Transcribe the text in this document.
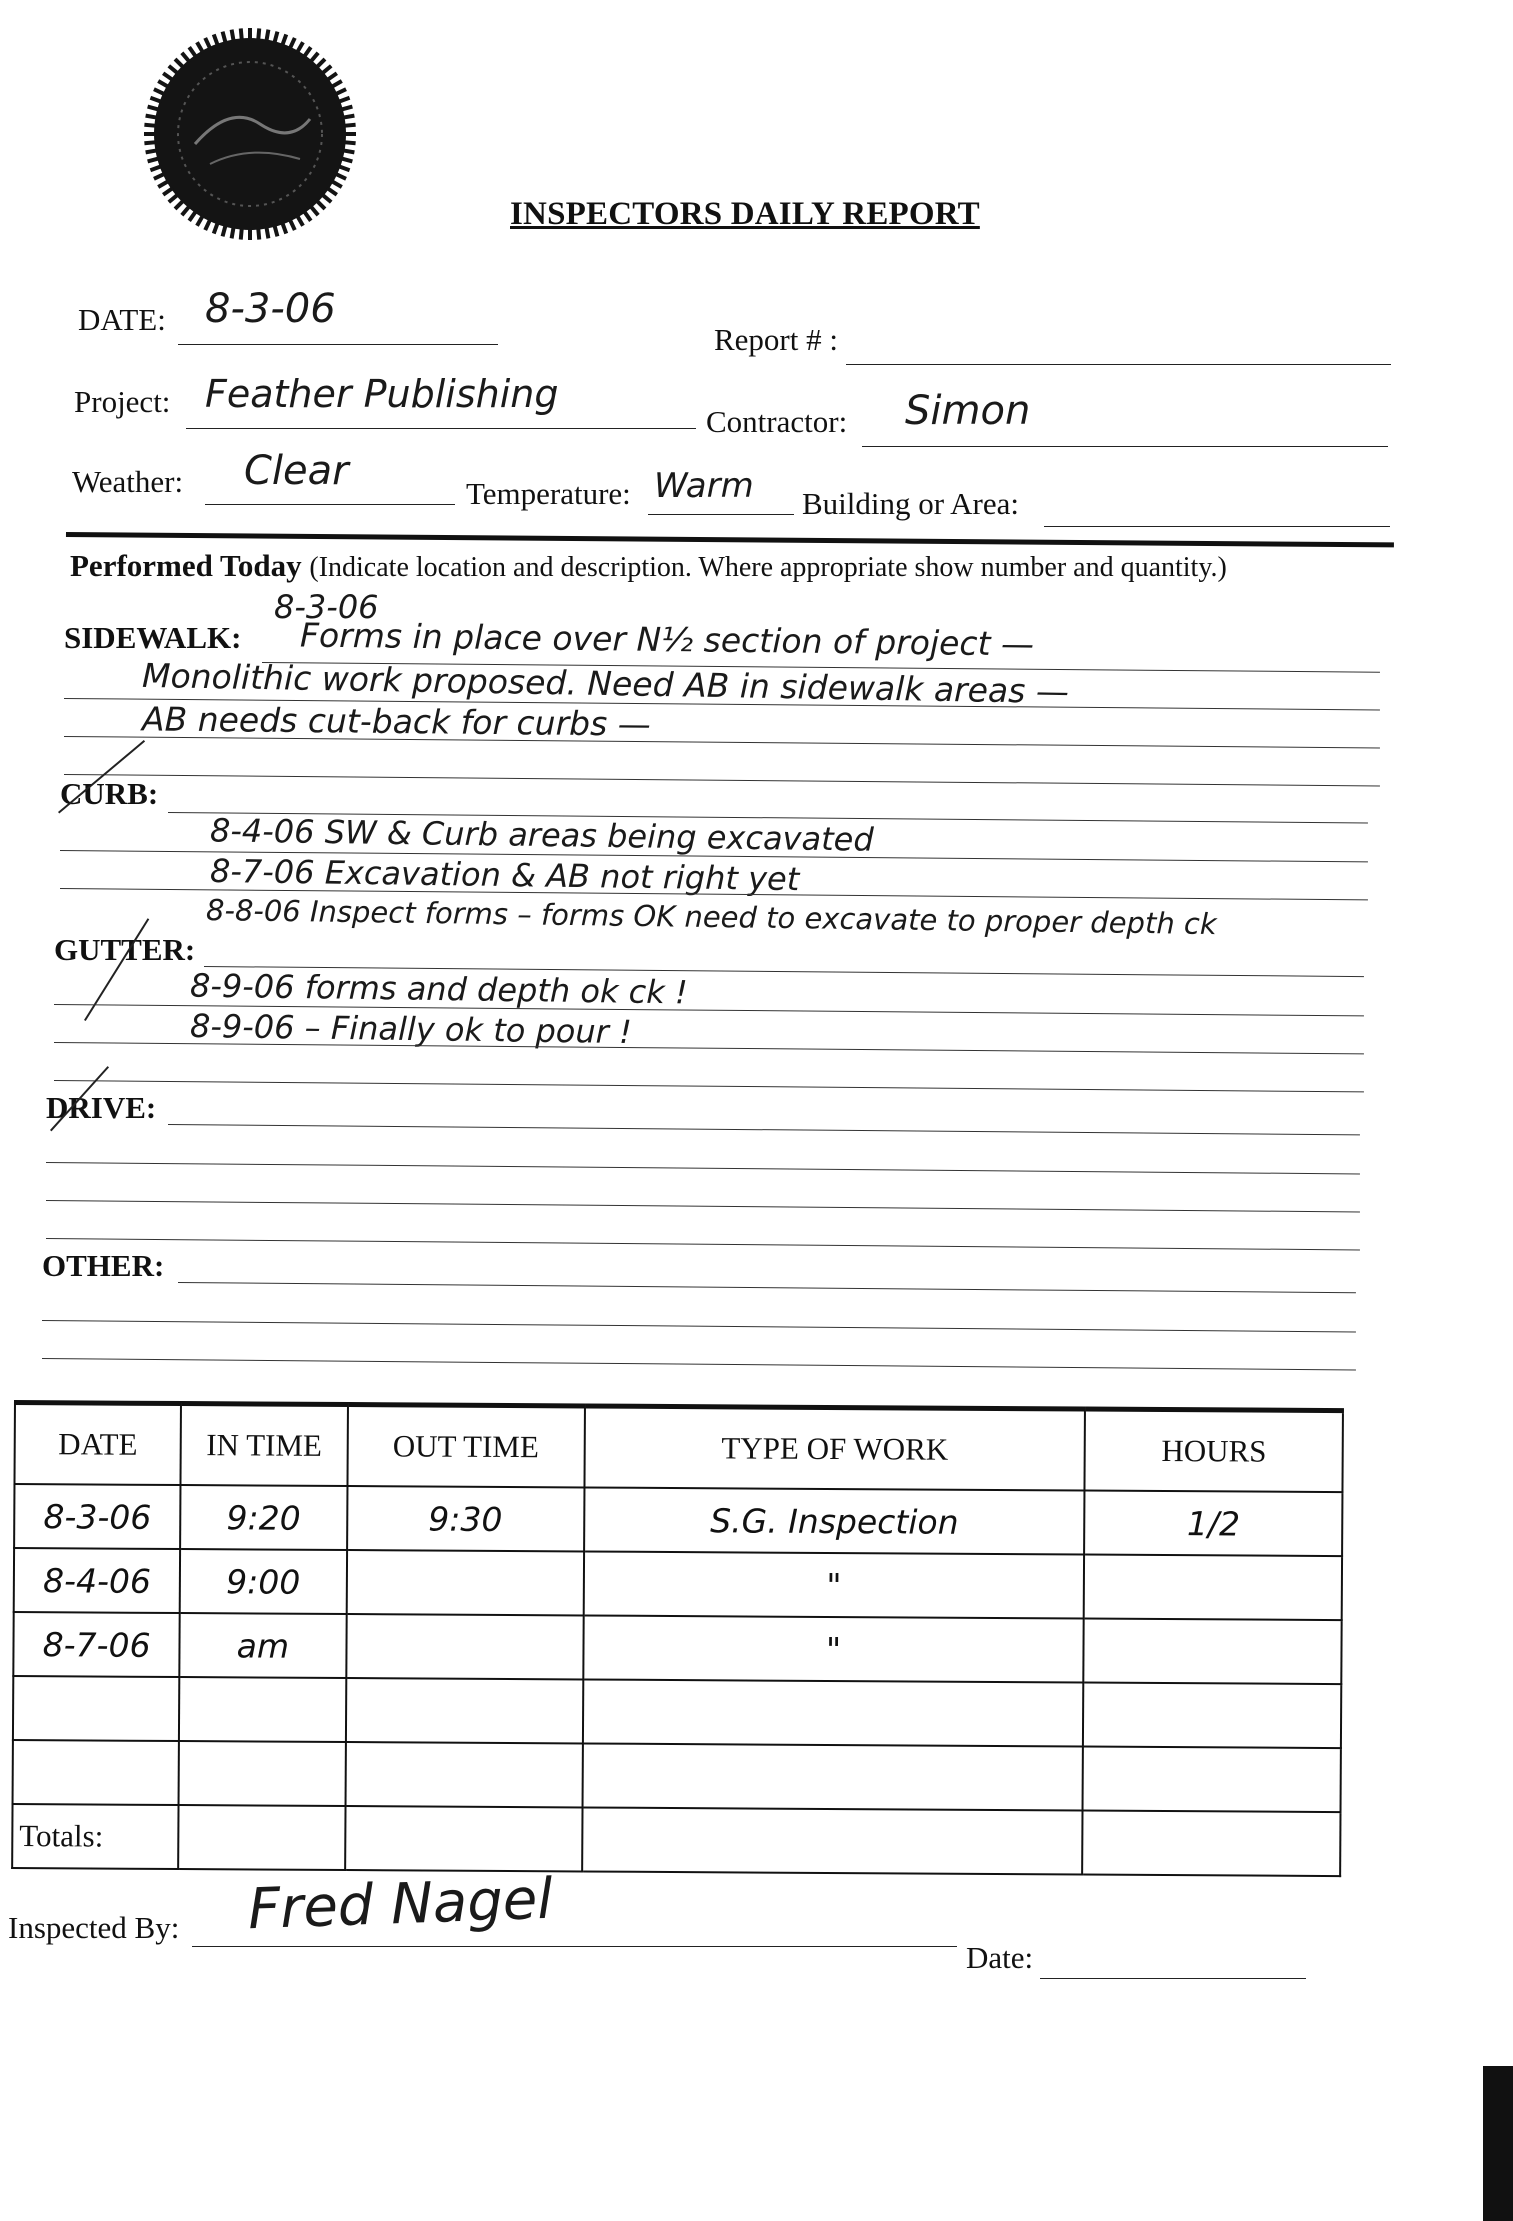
INSPECTORS DAILY REPORT
DATE: 8-3-06
Report # :
Project: Feather Publishing
Contractor: Simon
Weather: Clear	Temperature: Warm Building or Area:
Performed Today (Indicate location and description. Where appropriate show number and quantity.)
8-3-06
SIDEWALK: Forms in place over N½ section of project —
Monolithic work proposed. Need AB in sidewalk areas —
AB needs cut-back for curbs —
CURB:
8-4-06 SW & Curb areas being excavated
8-7-06 Excavation & AB not right yet
8-8-06 Inspect forms – forms OK need to excavate to proper depth ck
GUTTER:
8-9-06 forms and depth ok ck !
8-9-06 – Finally ok to pour !
DRIVE:
OTHER:
DATE	IN TIME	OUT TIME	TYPE OF WORK	HOURS
8-3-06	9:20	9:30	S.G. Inspection	1/2
8-4-06	9:00		"	
8-7-06	am		"	

Totals:				
Inspected By: Fred Nagel
Date:
